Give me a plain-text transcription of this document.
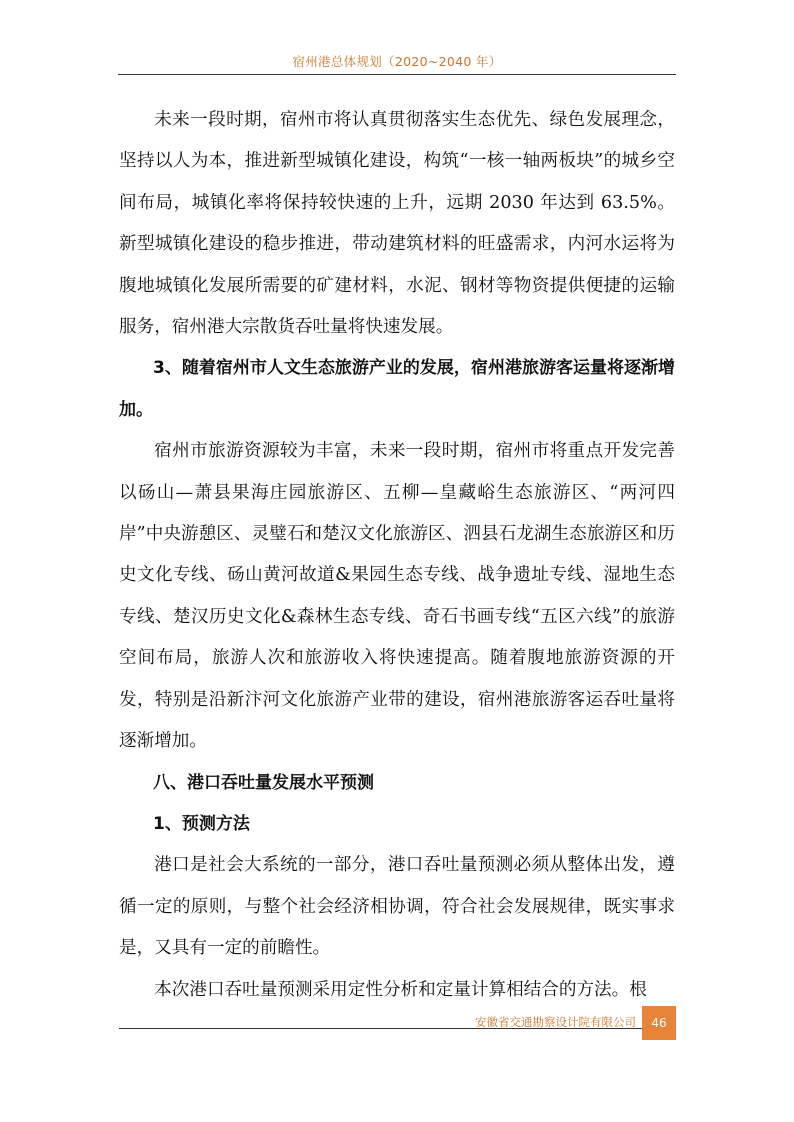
宿州港总体规划（2020~2040 年）

未来一段时期，宿州市将认真贯彻落实生态优先、绿色发展理念，坚持以人为本，推进新型城镇化建设，构筑“一核一轴两板块”的城乡空间布局，城镇化率将保持较快速的上升，远期 2030 年达到 63.5%。新型城镇化建设的稳步推进，带动建筑材料的旺盛需求，内河水运将为腹地城镇化发展所需要的矿建材料，水泥、钢材等物资提供便捷的运输服务，宿州港大宗散货吞吐量将快速发展。

3、随着宿州市人文生态旅游产业的发展，宿州港旅游客运量将逐渐增加。

宿州市旅游资源较为丰富，未来一段时期，宿州市将重点开发完善以砀山—萧县果海庄园旅游区、五柳—皇藏峪生态旅游区、“两河四岸”中央游憩区、灵璧石和楚汉文化旅游区、泗县石龙湖生态旅游区和历史文化专线、砀山黄河故道&果园生态专线、战争遗址专线、湿地生态专线、楚汉历史文化&森林生态专线、奇石书画专线“五区六线”的旅游空间布局，旅游人次和旅游收入将快速提高。随着腹地旅游资源的开发，特别是沿新汴河文化旅游产业带的建设，宿州港旅游客运吞吐量将逐渐增加。

八、港口吞吐量发展水平预测

1、预测方法

港口是社会大系统的一部分，港口吞吐量预测必须从整体出发，遵循一定的原则，与整个社会经济相协调，符合社会发展规律，既实事求是，又具有一定的前瞻性。

本次港口吞吐量预测采用定性分析和定量计算相结合的方法。根

安徽省交通勘察设计院有限公司	46
